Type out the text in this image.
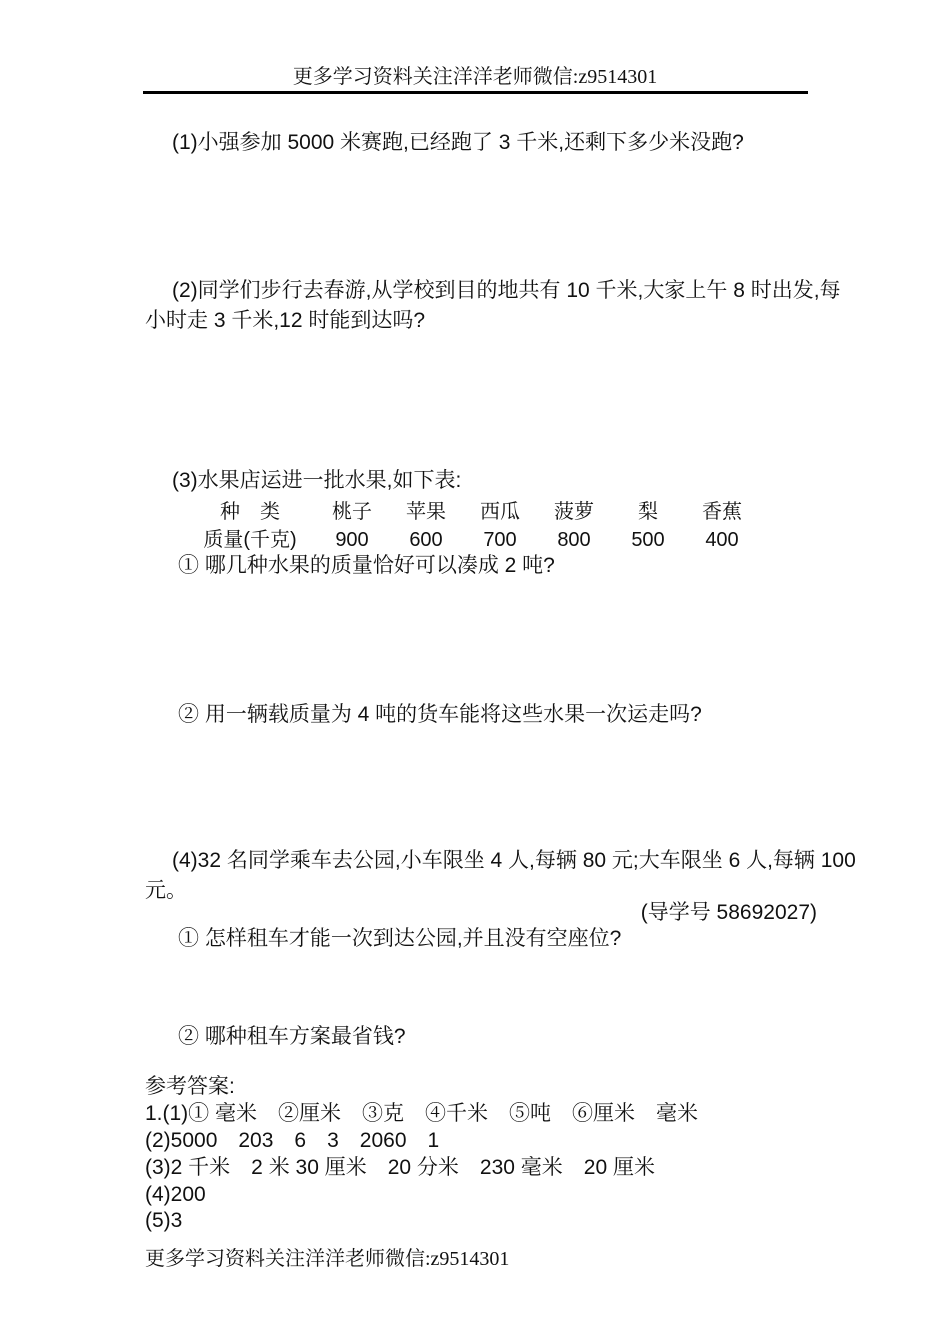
更多学习资料关注洋洋老师微信:z9514301
(1)小强参加 5000 米赛跑,已经跑了 3 千米,还剩下多少米没跑?
(2)同学们步行去春游,从学校到目的地共有 10 千米,大家上午 8 时出发,每
小时走 3 千米,12 时能到达吗?
(3)水果店运进一批水果,如下表:
种　类	桃子	苹果	西瓜	菠萝	梨	香蕉
质量(千克)	900	600	700	800	500	400
① 哪几种水果的质量恰好可以凑成 2 吨?
② 用一辆载质量为 4 吨的货车能将这些水果一次运走吗?
(4)32 名同学乘车去公园,小车限坐 4 人,每辆 80 元;大车限坐 6 人,每辆 100
元。
(导学号 58692027)
① 怎样租车才能一次到达公园,并且没有空座位?
② 哪种租车方案最省钱?
参考答案:
1.(1)① 毫米　②厘米　③克　④千米　⑤吨　⑥厘米　毫米
(2)5000　203　6　3　2060　1
(3)2 千米　2 米 30 厘米　20 分米　230 毫米　20 厘米
(4)200
(5)3
更多学习资料关注洋洋老师微信:z9514301
